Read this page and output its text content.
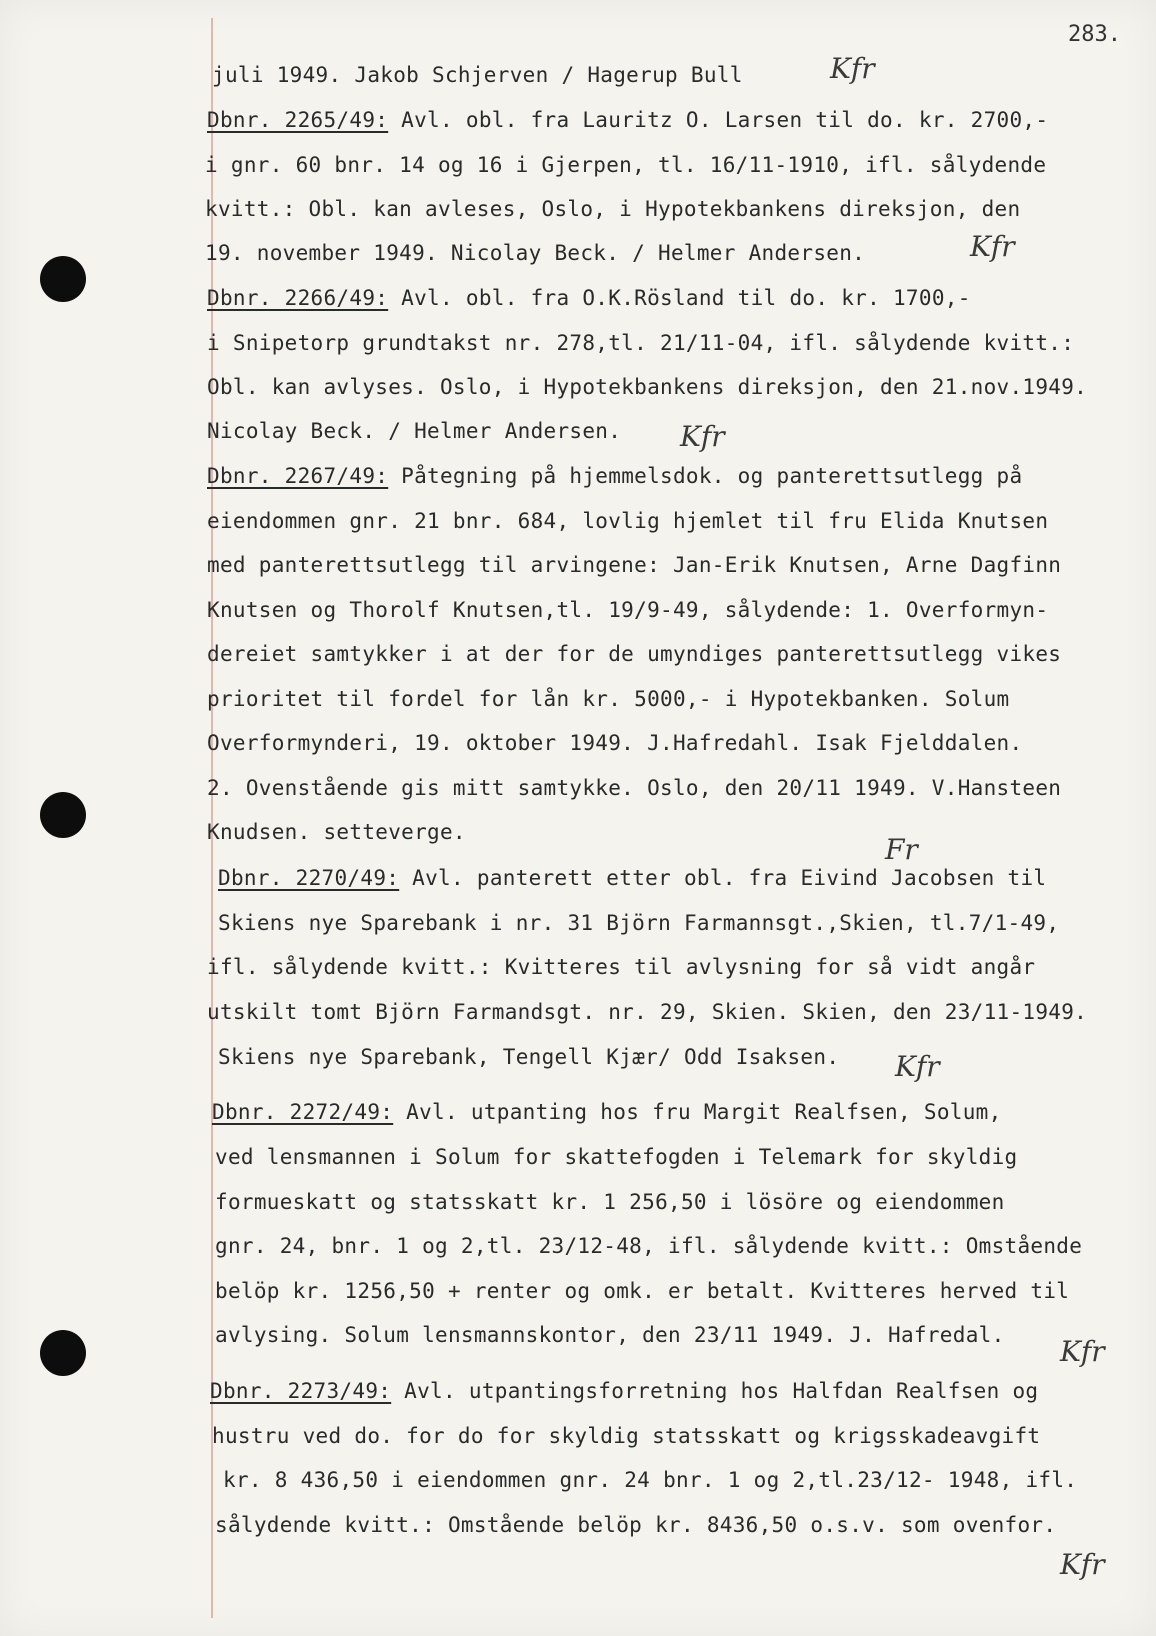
283.
juli 1949. Jakob Schjerven / Hagerup Bull
Dbnr. 2265/49: Avl. obl. fra Lauritz O. Larsen til do. kr. 2700,-
i gnr. 60 bnr. 14 og 16 i Gjerpen, tl. 16/11-1910, ifl. sålydende
kvitt.: Obl. kan avleses, Oslo, i Hypotekbankens direksjon, den
19. november 1949. Nicolay Beck. / Helmer Andersen.
Dbnr. 2266/49: Avl. obl. fra O.K.Rösland til do. kr. 1700,-
i Snipetorp grundtakst nr. 278,tl. 21/11-04, ifl. sålydende kvitt.:
Obl. kan avlyses. Oslo, i Hypotekbankens direksjon, den 21.nov.1949.
Nicolay Beck. / Helmer Andersen.
Dbnr. 2267/49: Påtegning på hjemmelsdok. og panterettsutlegg på
eiendommen gnr. 21 bnr. 684, lovlig hjemlet til fru Elida Knutsen
med panterettsutlegg til arvingene: Jan-Erik Knutsen, Arne Dagfinn
Knutsen og Thorolf Knutsen,tl. 19/9-49, sålydende: 1. Overformyn-
dereiet samtykker i at der for de umyndiges panterettsutlegg vikes
prioritet til fordel for lån kr. 5000,- i Hypotekbanken. Solum
Overformynderi, 19. oktober 1949. J.Hafredahl. Isak Fjelddalen.
2. Ovenstående gis mitt samtykke. Oslo, den 20/11 1949. V.Hansteen
Knudsen. setteverge.
Dbnr. 2270/49: Avl. panterett etter obl. fra Eivind Jacobsen til
Skiens nye Sparebank i nr. 31 Björn Farmannsgt.,Skien, tl.7/1-49,
ifl. sålydende kvitt.: Kvitteres til avlysning for så vidt angår
utskilt tomt Björn Farmandsgt. nr. 29, Skien. Skien, den 23/11-1949.
Skiens nye Sparebank, Tengell Kjær/ Odd Isaksen.
Dbnr. 2272/49: Avl. utpanting hos fru Margit Realfsen, Solum,
ved lensmannen i Solum for skattefogden i Telemark for skyldig
formueskatt og statsskatt kr. 1 256,50 i lösöre og eiendommen
gnr. 24, bnr. 1 og 2,tl. 23/12-48, ifl. sålydende kvitt.: Omstående
belöp kr. 1256,50 + renter og omk. er betalt. Kvitteres herved til
avlysing. Solum lensmannskontor, den 23/11 1949. J. Hafredal.
Dbnr. 2273/49: Avl. utpantingsforretning hos Halfdan Realfsen og
hustru ved do. for do for skyldig statsskatt og krigsskadeavgift
kr. 8 436,50 i eiendommen gnr. 24 bnr. 1 og 2,tl.23/12- 1948, ifl.
sålydende kvitt.: Omstående belöp kr. 8436,50 o.s.v. som ovenfor.
Kfr
Kfr
Kfr
Fr
Kfr
Kfr
Kfr
